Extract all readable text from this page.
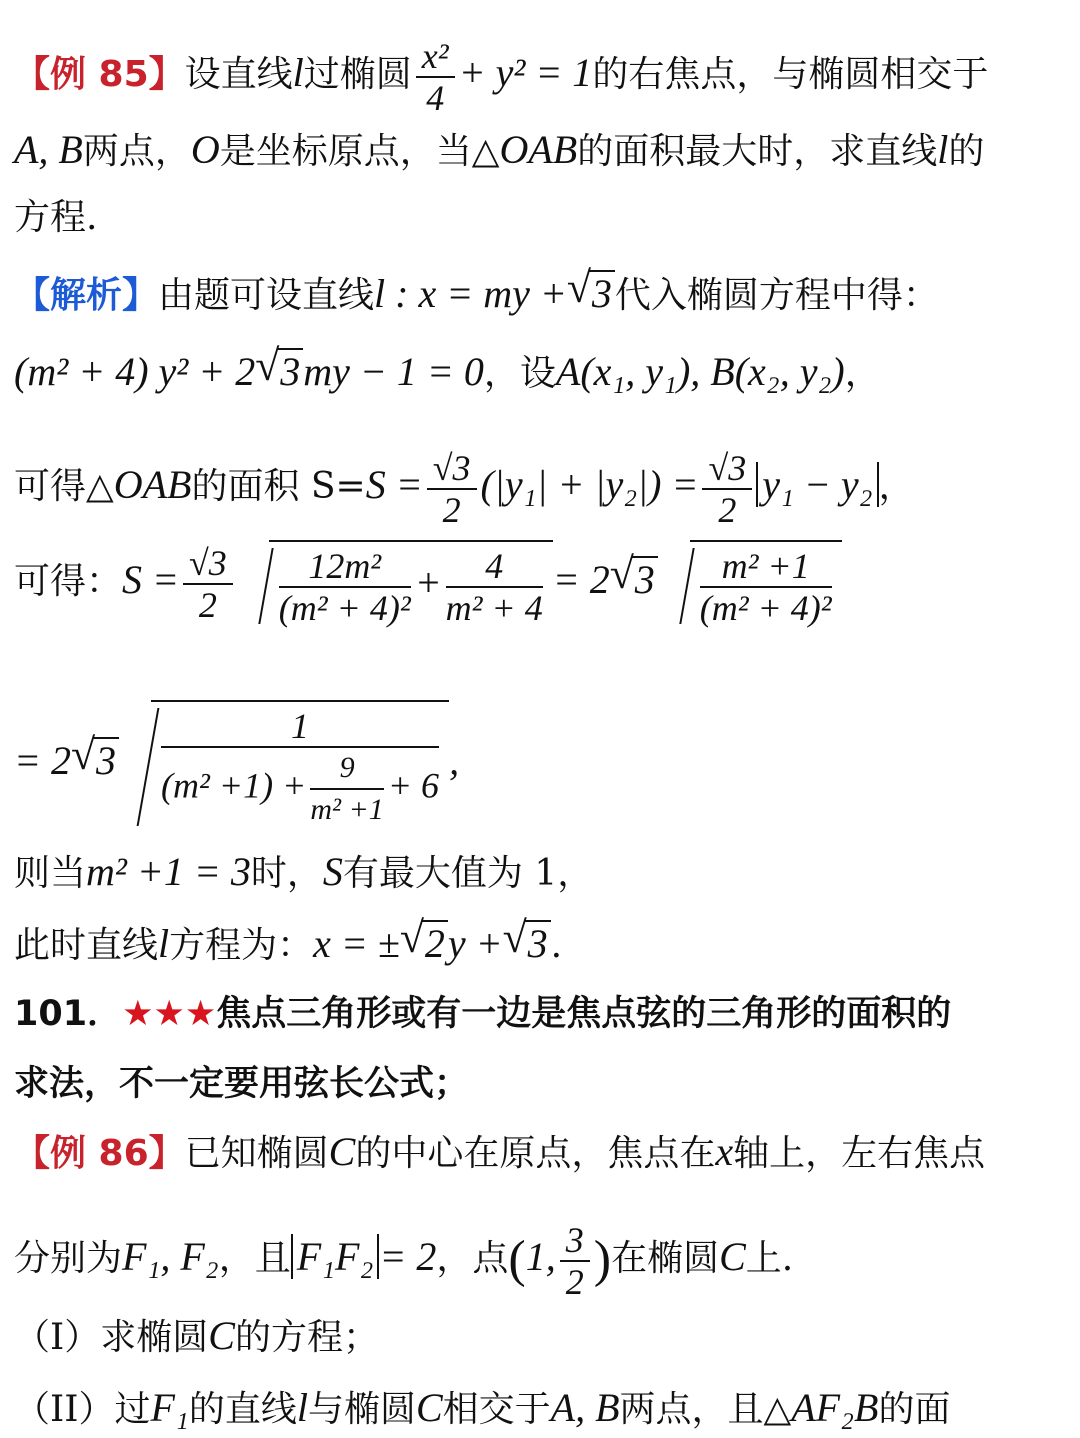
【例 85】设直线l过椭圆 $\frac{\text{x²}}{4} + y^2 = 1$的右焦点，与椭圆相交于
A, B两点，O是坐标原点，当△OAB的面积最大时，求直线l的
方程.
【解析】由题可设直线l : x = my +√ 3代入椭圆方程中得：
(m² + 4) y² + 2√ 3my − 1 = 0，设A(x₁, y₁), B(x₂, y₂)，
可得△OAB的面积 $S=S = \frac{√3}{2} (|y_1| + |y_2|) = \frac{√3}{2} y_1 - y_2$ ，
可得：$S = \frac{√3}{2} \frac{\text{12m²}}{\text{(m² + 4)²}} + \frac{4}{\text{m² + 4}} = 2√$ $3 \frac{\text{m² +1}}{\text{(m² + 4)²}}$
= 2√ $3 \frac{1}{(m^2 +1) + \frac{9}{\text{m² +1}} + 6}$ ,
则当m² +1 = 3时，S有最大值为 1，
此时直线l方程为：x = ±√ 2y +√ 3.
101．★★★焦点三角形或有一边是焦点弦的三角形的面积的
求法，不一定要用弦长公式；
【例 86】已知椭圆C的中心在原点，焦点在x轴上，左右焦点
分别为F₁, F₂，且 F₁F₂ = 2，点(1, $\frac{3}{2}$ )在椭圆C上.
（I）求椭圆C的方程；
（II）过F₁的直线l与椭圆C相交于A, B两点，且△AF₂B的面
